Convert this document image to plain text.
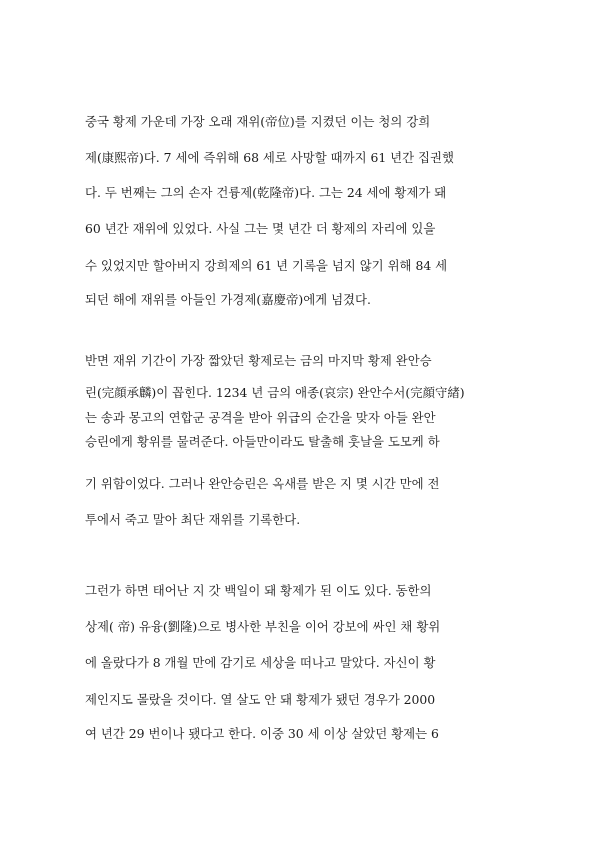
중국 황제 가운데 가장 오래 재위(帝位)를 지켰던 이는 청의 강희
제(康熙帝)다. 7 세에 즉위해 68 세로 사망할 때까지 61 년간 집권했
다. 두 번째는 그의 손자 건륭제(乾隆帝)다. 그는 24 세에 황제가 돼
60 년간 재위에 있었다. 사실 그는 몇 년간 더 황제의 자리에 있을
수 있었지만 할아버지 강희제의 61 년 기록을 넘지 않기 위해 84 세
되던 해에 재위를 아들인 가경제(嘉慶帝)에게 넘겼다.
반면 재위 기간이 가장 짧았던 황제로는 금의 마지막 황제 완안승
린(完顔承麟)이 꼽힌다. 1234 년 금의 애종(哀宗) 완안수서(完顔守緖)
는 송과 몽고의 연합군 공격을 받아 위급의 순간을 맞자 아들 완안
승린에게 황위를 물려준다. 아들만이라도 탈출해 훗날을 도모케 하
기 위함이었다. 그러나 완안승린은 옥새를 받은 지 몇 시간 만에 전
투에서 죽고 말아 최단 재위를 기록한다.
그런가 하면 태어난 지 갓 백일이 돼 황제가 된 이도 있다. 동한의
상제( 帝) 유융(劉隆)으로 병사한 부친을 이어 강보에 싸인 채 황위
에 올랐다가 8 개월 만에 감기로 세상을 떠나고 말았다. 자신이 황
제인지도 몰랐을 것이다. 열 살도 안 돼 황제가 됐던 경우가 2000
여 년간 29 번이나 됐다고 한다. 이중 30 세 이상 살았던 황제는 6
